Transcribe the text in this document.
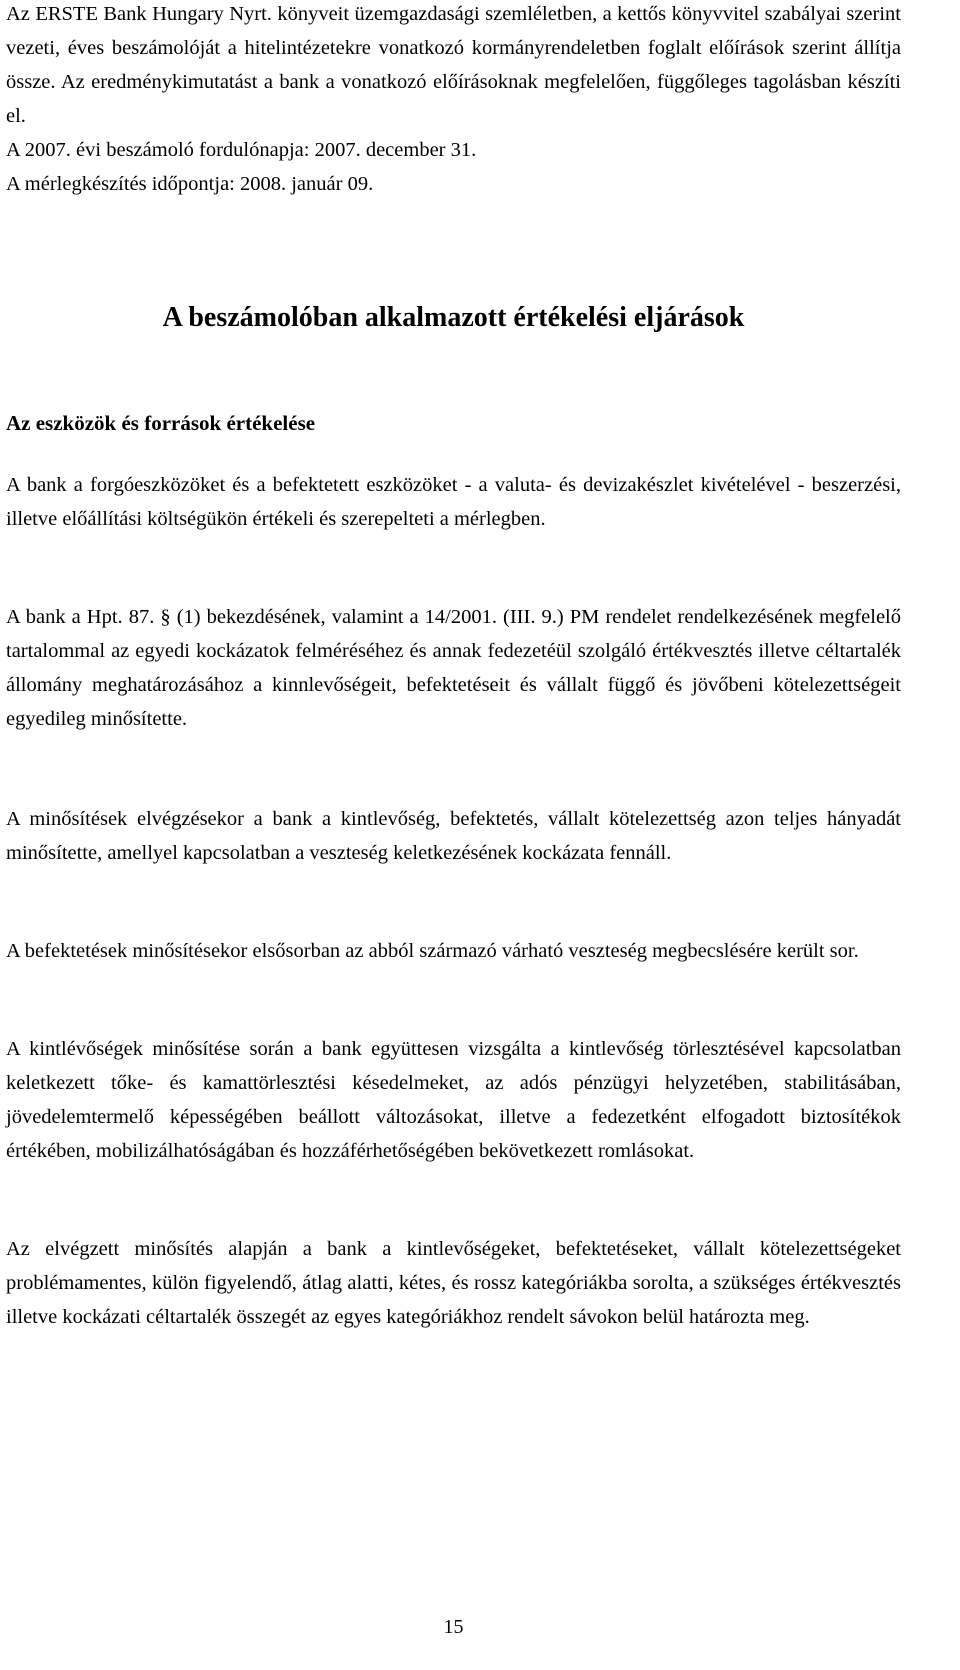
Az ERSTE Bank Hungary Nyrt. könyveit üzemgazdasági szemléletben, a kettős könyvvitel szabályai szerint vezeti, éves beszámolóját a hitelintézetekre vonatkozó kormányrendeletben foglalt előírások szerint állítja össze. Az eredménykimutatást a bank a vonatkozó előírásoknak megfelelően, függőleges tagolásban készíti el.

A 2007. évi beszámoló fordulónapja: 2007. december 31.

A mérlegkészítés időpontja: 2008. január 09.

A beszámolóban alkalmazott értékelési eljárások
Az eszközök és források értékelése

A bank a forgóeszközöket és a befektetett eszközöket - a valuta- és devizakészlet kivételével - beszerzési, illetve előállítási költségükön értékeli és szerepelteti a mérlegben.

A bank a Hpt. 87. § (1) bekezdésének, valamint a 14/2001. (III. 9.) PM rendelet rendelkezésének megfelelő tartalommal az egyedi kockázatok felméréséhez és annak fedezetéül szolgáló értékvesztés illetve céltartalék állomány meghatározásához a kinnlevőségeit, befektetéseit és vállalt függő és jövőbeni kötelezettségeit egyedileg minősítette.

A minősítések elvégzésekor a bank a kintlevőség, befektetés, vállalt kötelezettség azon teljes hányadát minősítette, amellyel kapcsolatban a veszteség keletkezésének kockázata fennáll.

A befektetések minősítésekor elsősorban az abból származó várható veszteség megbecslésére került sor.

A kintlévőségek minősítése során a bank együttesen vizsgálta a kintlevőség törlesztésével kapcsolatban keletkezett tőke- és kamattörlesztési késedelmeket, az adós pénzügyi helyzetében, stabilitásában, jövedelemtermelő képességében beállott változásokat, illetve a fedezetként elfogadott biztosítékok értékében, mobilizálhatóságában és hozzáférhetőségében bekövetkezett romlásokat.

Az elvégzett minősítés alapján a bank a kintlevőségeket, befektetéseket, vállalt kötelezettségeket problémamentes, külön figyelendő, átlag alatti, kétes, és rossz kategóriákba sorolta, a szükséges értékvesztés illetve kockázati céltartalék összegét az egyes kategóriákhoz rendelt sávokon belül határozta meg.

15
